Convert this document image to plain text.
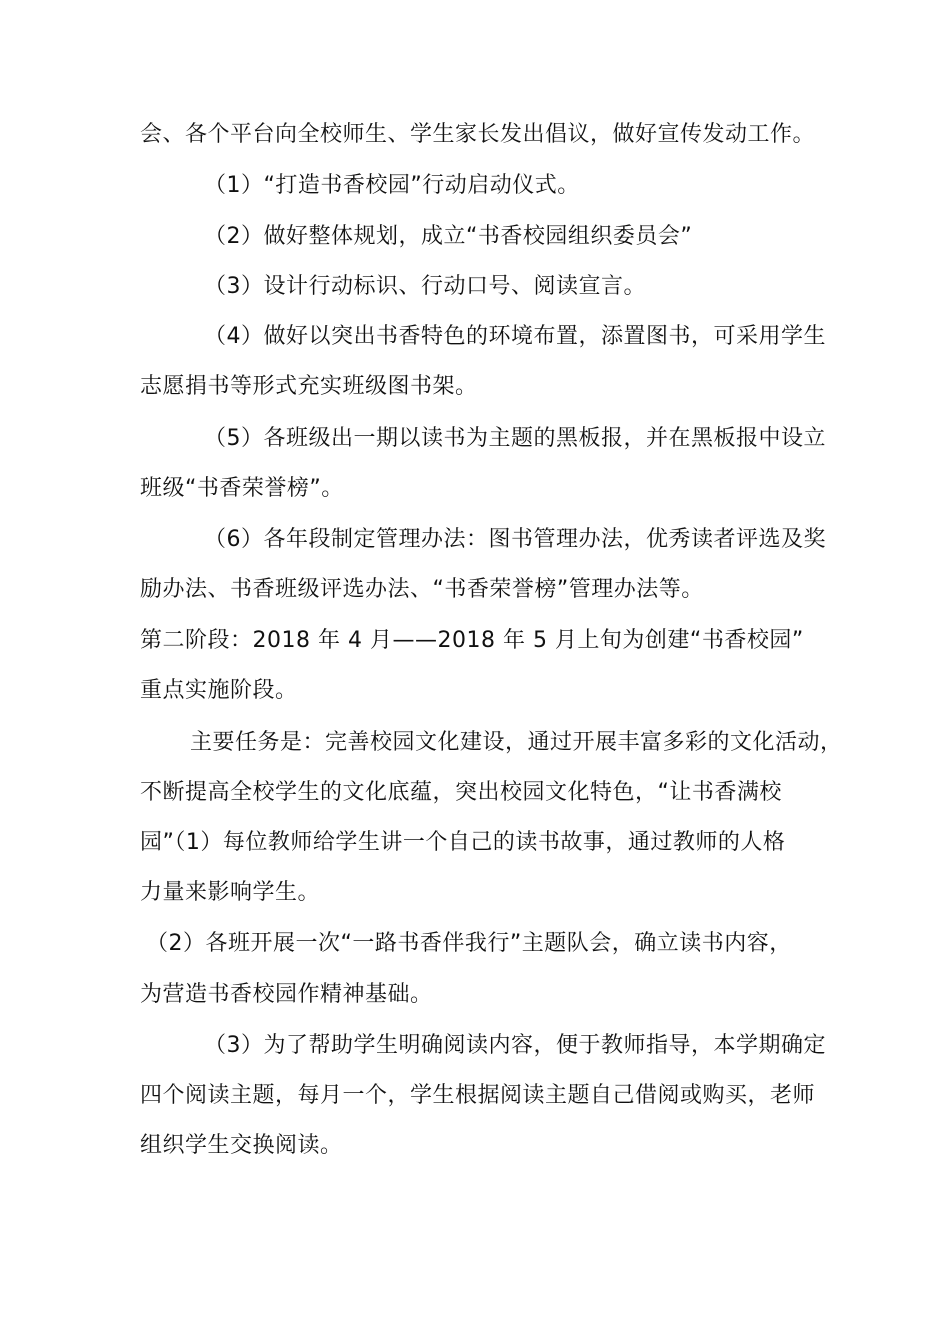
会、各个平台向全校师生、学生家长发出倡议，做好宣传发动工作。
（1）“打造书香校园”行动启动仪式。
（2）做好整体规划，成立“书香校园组织委员会”
（3）设计行动标识、行动口号、阅读宣言。
（4）做好以突出书香特色的环境布置，添置图书，可采用学生
志愿捐书等形式充实班级图书架。
（5）各班级出一期以读书为主题的黑板报，并在黑板报中设立
班级“书香荣誉榜”。
（6）各年段制定管理办法：图书管理办法，优秀读者评选及奖
励办法、书香班级评选办法、“书香荣誉榜”管理办法等。
第二阶段：2018 年 4 月——2018 年 5 月上旬为创建“书香校园”
重点实施阶段。
主要任务是：完善校园文化建设，通过开展丰富多彩的文化活动，
不断提高全校学生的文化底蕴，突出校园文化特色，“让书香满校
园”（1）每位教师给学生讲一个自己的读书故事，通过教师的人格
力量来影响学生。
（2）各班开展一次“一路书香伴我行”主题队会，确立读书内容，
为营造书香校园作精神基础。
（3）为了帮助学生明确阅读内容，便于教师指导，本学期确定
四个阅读主题，每月一个，学生根据阅读主题自己借阅或购买，老师
组织学生交换阅读。
